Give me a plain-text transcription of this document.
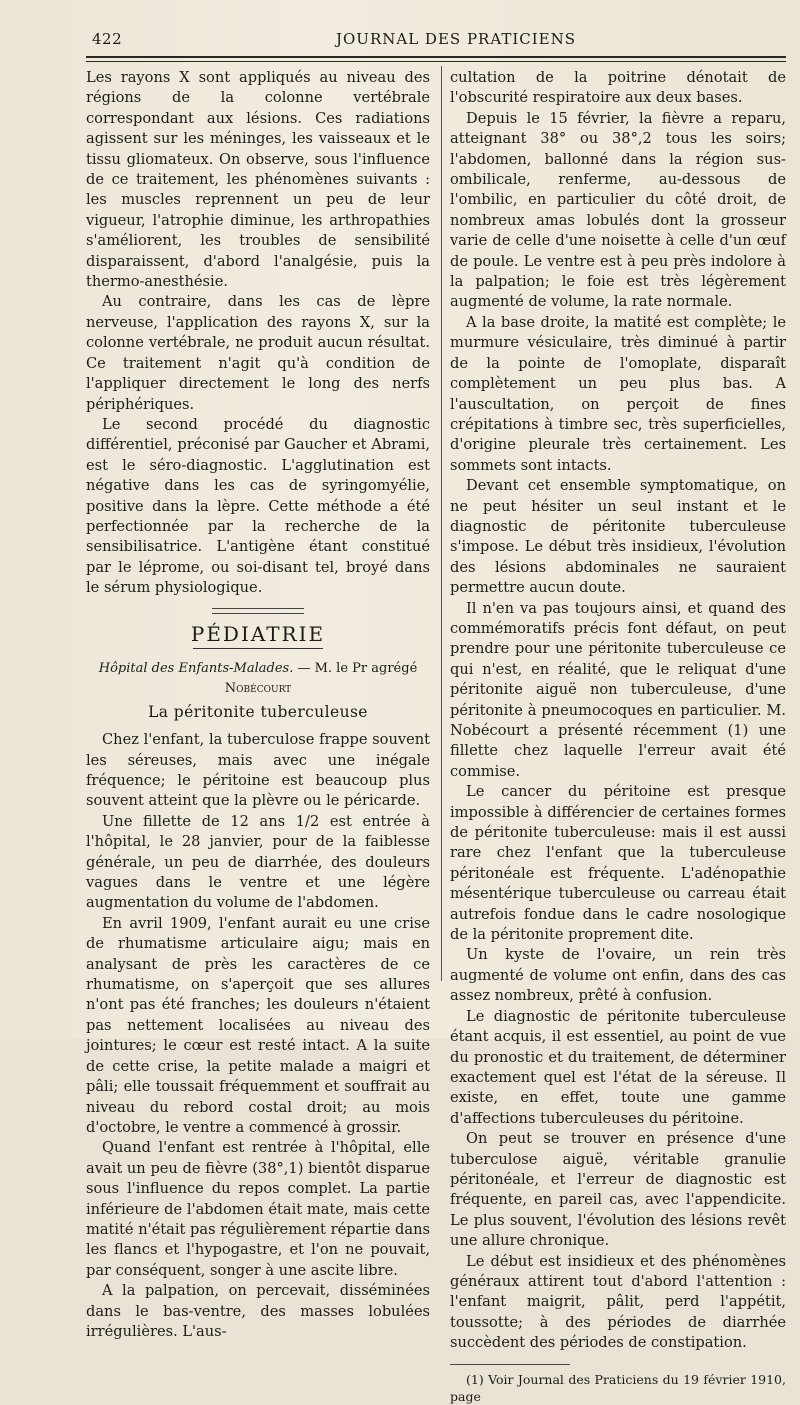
422	JOURNAL DES PRATICIENS

Les rayons X sont appliqués au niveau des régions de la colonne vertébrale correspondant aux lésions. Ces radiations agissent sur les méninges, les vaisseaux et le tissu gliomateux. On observe, sous l'influence de ce traitement, les phénomènes suivants : les muscles reprennent un peu de leur vigueur, l'atrophie diminue, les arthropathies s'améliorent, les troubles de sensibilité disparaissent, d'abord l'analgésie, puis la thermo-anesthésie.

Au contraire, dans les cas de lèpre nerveuse, l'application des rayons X, sur la colonne vertébrale, ne produit aucun résultat. Ce traitement n'agit qu'à condition de l'appliquer directement le long des nerfs périphériques.

Le second procédé du diagnostic différentiel, préconisé par Gaucher et Abrami, est le séro-diagnostic. L'agglutination est négative dans les cas de syringomyélie, positive dans la lèpre. Cette méthode a été perfectionnée par la recherche de la sensibilisatrice. L'antigène étant constitué par le lépromе, ou soi-disant tel, broyé dans le sérum physiologique.

PÉDIATRIE
Hôpital des Enfants-Malades. — M. le Pr agrégé Nobécourt
La péritonite tuberculeuse

Chez l'enfant, la tuberculose frappe souvent les séreuses, mais avec une inégale fréquence; le péritoine est beaucoup plus souvent atteint que la plèvre ou le péricarde.

Une fillette de 12 ans 1/2 est entrée à l'hôpital, le 28 janvier, pour de la faiblesse générale, un peu de diarrhée, des douleurs vagues dans le ventre et une légère augmentation du volume de l'abdomen.

En avril 1909, l'enfant aurait eu une crise de rhumatisme articulaire aigu; mais en analysant de près les caractères de ce rhumatisme, on s'aperçoit que ses allures n'ont pas été franches; les douleurs n'étaient pas nettement localisées au niveau des jointures; le cœur est resté intact. A la suite de cette crise, la petite malade a maigri et pâli; elle toussait fréquemment et souffrait au niveau du rebord costal droit; au mois d'octobre, le ventre a commencé à grossir.

Quand l'enfant est rentrée à l'hôpital, elle avait un peu de fièvre (38°,1) bientôt disparue sous l'influence du repos complet. La partie inférieure de l'abdomen était mate, mais cette matité n'était pas régulièrement répartie dans les flancs et l'hypogastre, et l'on ne pouvait, par conséquent, songer à une ascite libre.

A la palpation, on percevait, disséminées dans le bas-ventre, des masses lobulées irrégulières. L'aus-

cultation de la poitrine dénotait de l'obscurité respiratoire aux deux bases.

Depuis le 15 février, la fièvre a reparu, atteignant 38° ou 38°,2 tous les soirs; l'abdomen, ballonné dans la région sus-ombilicale, renferme, au-dessous de l'ombilic, en particulier du côté droit, de nombreux amas lobulés dont la grosseur varie de celle d'une noisette à celle d'un œuf de poule. Le ventre est à peu près indolore à la palpation; le foie est très légèrement augmenté de volume, la rate normale.

A la base droite, la matité est complète; le murmure vésiculaire, très diminué à partir de la pointe de l'omoplate, disparaît complètement un peu plus bas. A l'auscultation, on perçoit de fines crépitations à timbre sec, très superficielles, d'origine pleurale très certainement. Les sommets sont intacts.

Devant cet ensemble symptomatique, on ne peut hésiter un seul instant et le diagnostic de péritonite tuberculeuse s'impose. Le début très insidieux, l'évolution des lésions abdominales ne sauraient permettre aucun doute.

Il n'en va pas toujours ainsi, et quand des commémoratifs précis font défaut, on peut prendre pour une péritonite tuberculeuse ce qui n'est, en réalité, que le reliquat d'une péritonite aiguë non tuberculeuse, d'une péritonite à pneumocoques en particulier. M. Nobécourt a présenté récemment (1) une fillette chez laquelle l'erreur avait été commise.

Le cancer du péritoine est presque impossible à différencier de certaines formes de péritonite tuberculeuse: mais il est aussi rare chez l'enfant que la tuberculeuse péritonéale est fréquente. L'adénopathie mésentérique tuberculeuse ou carreau était autrefois fondue dans le cadre nosologique de la péritonite proprement dite.

Un kyste de l'ovaire, un rein très augmenté de volume ont enfin, dans des cas assez nombreux, prêté à confusion.

Le diagnostic de péritonite tuberculeuse étant acquis, il est essentiel, au point de vue du pronostic et du traitement, de déterminer exactement quel est l'état de la séreuse. Il existe, en effet, toute une gamme d'affections tuberculeuses du péritoine.

On peut se trouver en présence d'une tuberculose aiguë, véritable granulie péritonéale, et l'erreur de diagnostic est fréquente, en pareil cas, avec l'appendicite. Le plus souvent, l'évolution des lésions revêt une allure chronique.

Le début est insidieux et des phénomènes généraux attirent tout d'abord l'attention : l'enfant maigrit, pâlit, perd l'appétit, toussotte; à des périodes de diarrhée succèdent des périodes de constipation.

(1) Voir Journal des Praticiens du 19 février 1910, page
